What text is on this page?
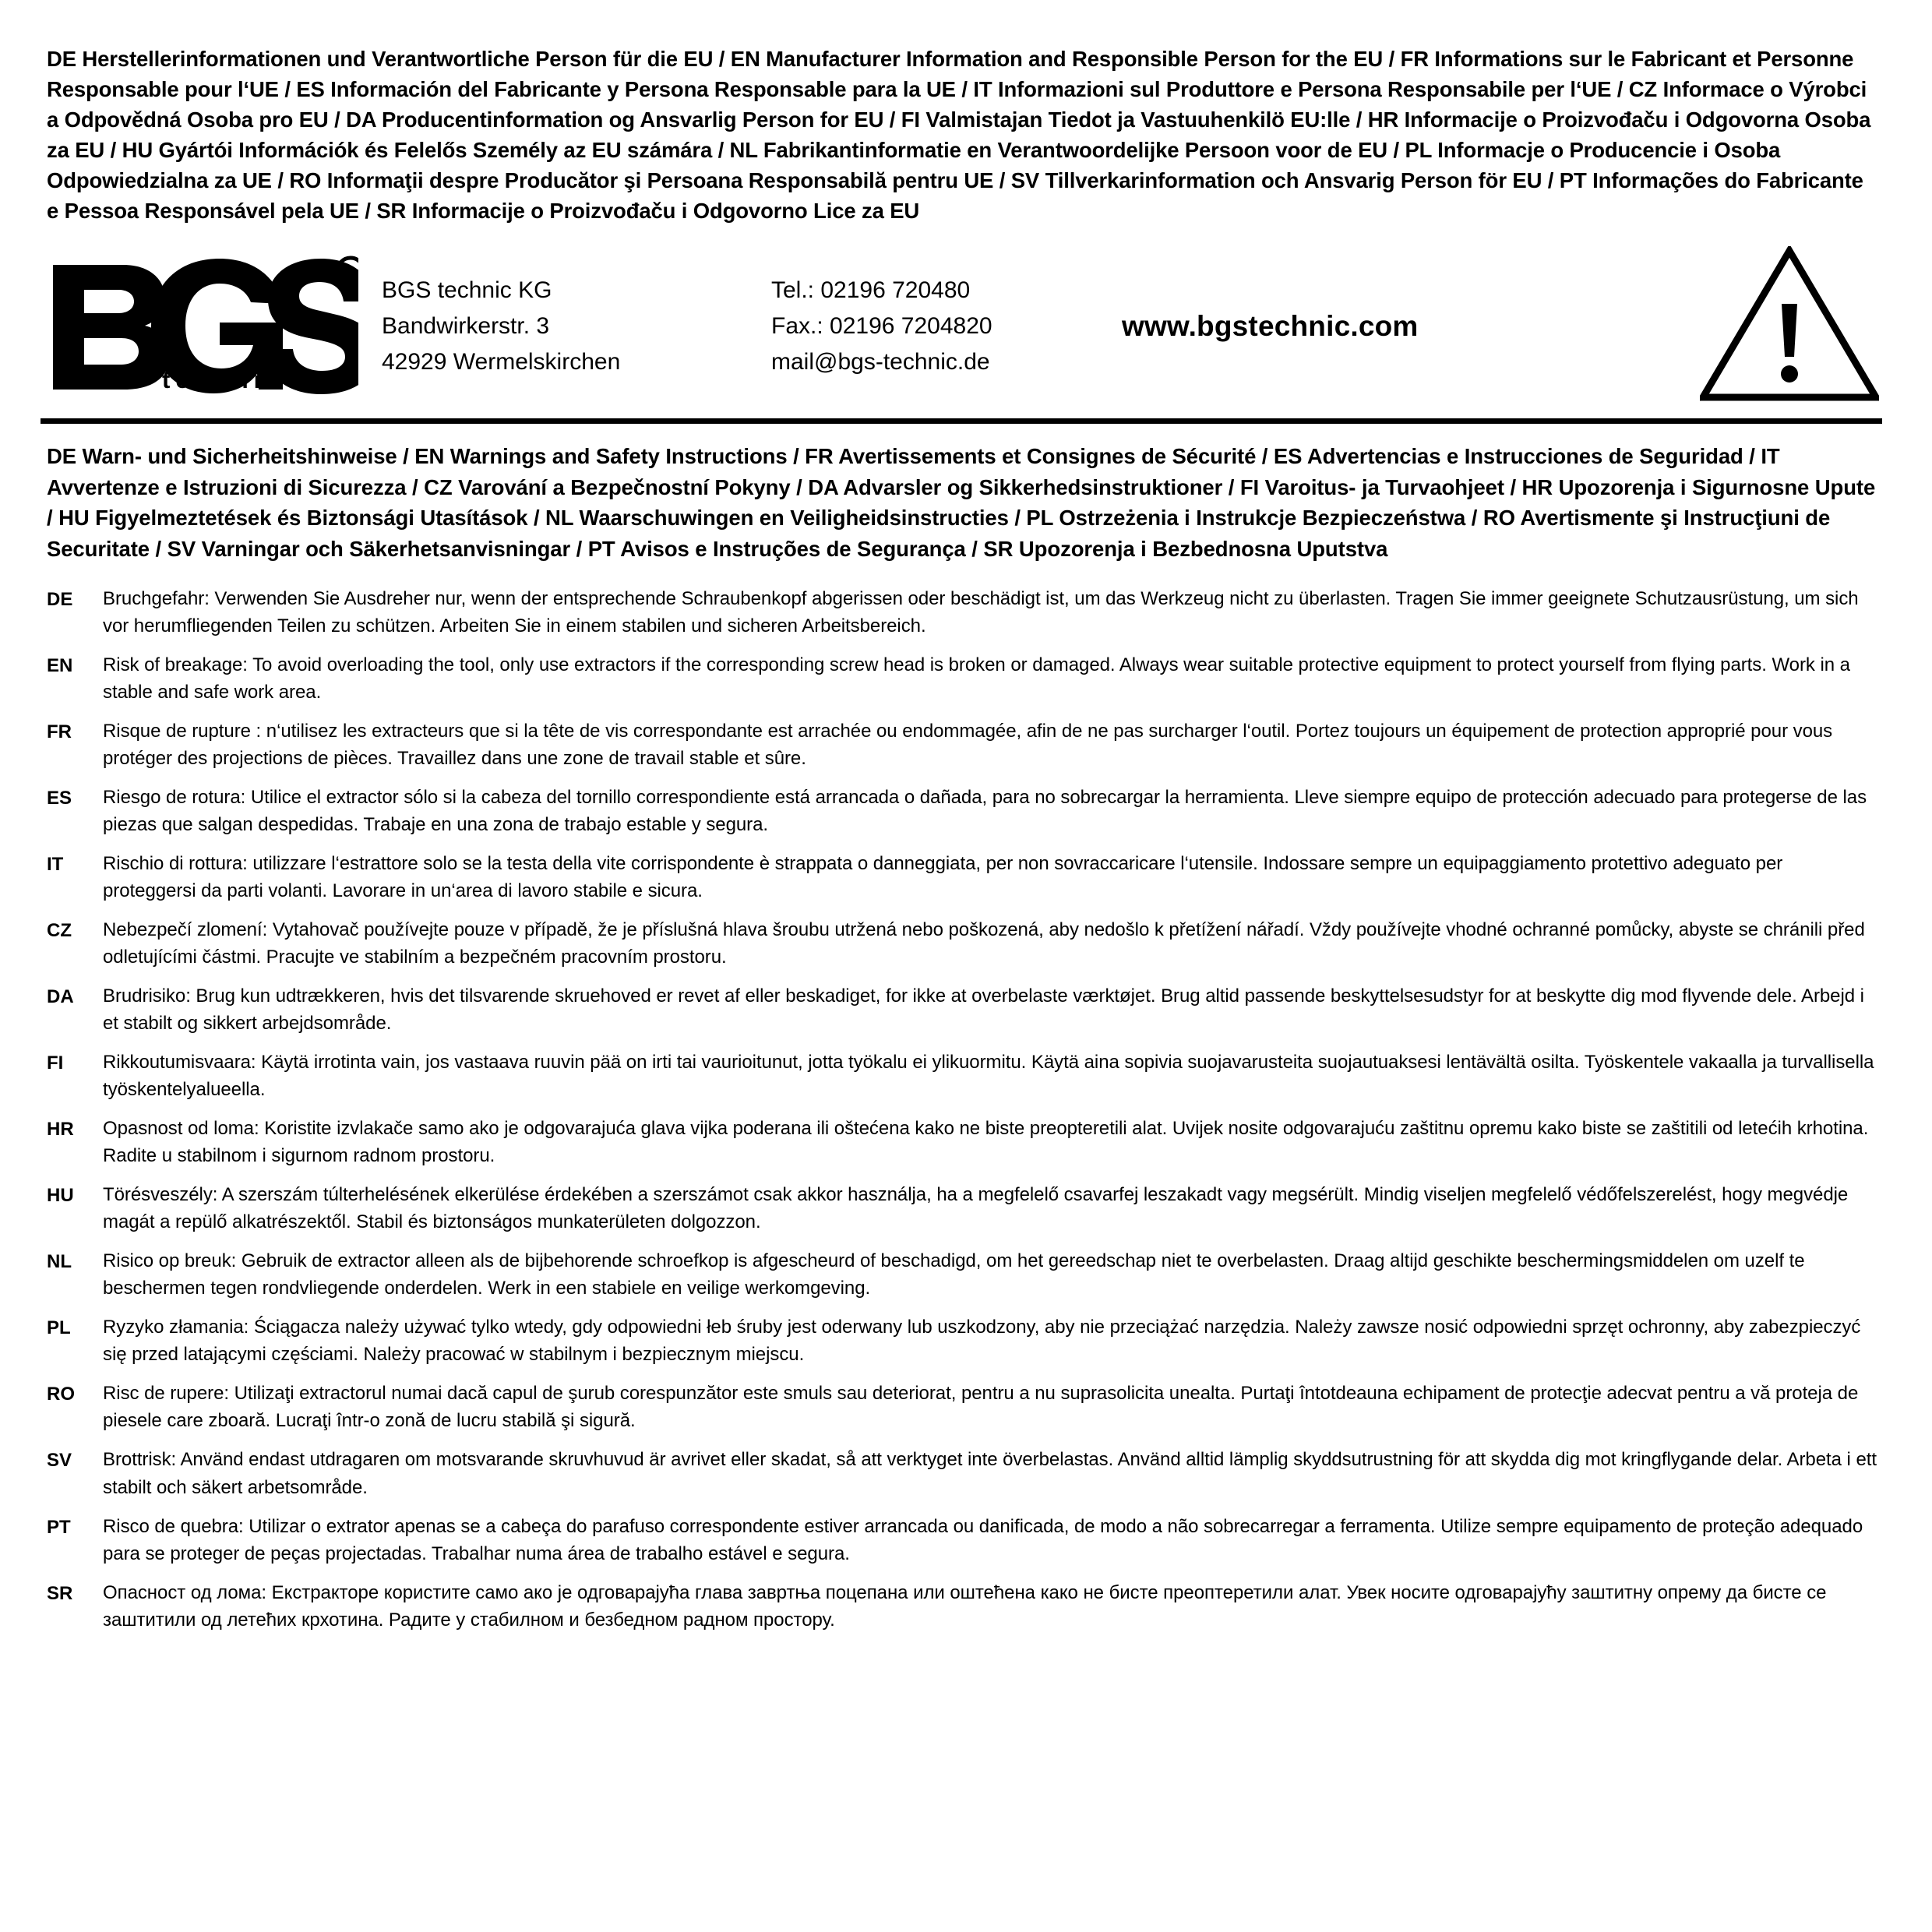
DE Herstellerinformationen und Verantwortliche Person für die EU / EN Manufacturer Information and Responsible Person for the EU / FR Informations sur le Fabricant et Personne Responsable pour l‘UE / ES Información del Fabricante y Persona Responsable para la UE / IT Informazioni sul Produttore e Persona Responsabile per l‘UE / CZ Informace o Výrobci a Odpovědná Osoba pro EU / DA Producentinformation og Ansvarlig Person for EU / FI Valmistajan Tiedot ja Vastuuhenkilö EU:lle / HR Informacije o Proizvođaču i Odgovorna Osoba za EU / HU Gyártói Információk és Felelős Személy az EU számára / NL Fabrikantinformatie en Verantwoordelijke Persoon voor de EU / PL Informacje o Producencie i Osoba Odpowiedzialna za UE / RO Informaţii despre Producător şi Persoana Responsabilă pentru UE / SV Tillverkarinformation och Ansvarig Person för EU / PT Informações do Fabricante e Pessoa Responsável pela UE / SR Informacije o Proizvođaču i Odgovorno Lice za EU
R
technic
BGS technic KG
Bandwirkerstr. 3
42929 Wermelskirchen
Tel.: 02196 720480
Fax.: 02196 7204820
mail@bgs-technic.de
www.bgstechnic.com
DE Warn- und Sicherheitshinweise / EN Warnings and Safety Instructions / FR Avertissements et Consignes de Sécurité / ES Advertencias e Instrucciones de Seguridad / IT Avvertenze e Istruzioni di Sicurezza / CZ Varování a Bezpečnostní Pokyny / DA Advarsler og Sikkerhedsinstruktioner / FI Varoitus- ja Turvaohjeet / HR Upozorenja i Sigurnosne Upute / HU Figyelmeztetések és Biztonsági Utasítások / NL Waarschuwingen en Veiligheidsinstructies / PL Ostrzeżenia i Instrukcje Bezpieczeństwa / RO Avertismente şi Instrucţiuni de Securitate / SV Varningar och Säkerhetsanvisningar / PT Avisos e Instruções de Segurança / SR Upozorenja i Bezbednosna Uputstva
DE	Bruchgefahr: Verwenden Sie Ausdreher nur, wenn der entsprechende Schraubenkopf abgerissen oder beschädigt ist, um das Werkzeug nicht zu überlasten. Tragen Sie immer geeignete Schutzausrüstung, um sich vor herumfliegenden Teilen zu schützen. Arbeiten Sie in einem stabilen und sicheren Arbeitsbereich.
EN	Risk of breakage: To avoid overloading the tool, only use extractors if the corresponding screw head is broken or damaged. Always wear suitable protective equipment to protect yourself from flying parts. Work in a stable and safe work area.
FR	Risque de rupture : n‘utilisez les extracteurs que si la tête de vis correspondante est arrachée ou endommagée, afin de ne pas surcharger l‘outil. Portez toujours un équipement de protection approprié pour vous protéger des projections de pièces. Travaillez dans une zone de travail stable et sûre.
ES	Riesgo de rotura: Utilice el extractor sólo si la cabeza del tornillo correspondiente está arrancada o dañada, para no sobrecargar la herramienta. Lleve siempre equipo de protección adecuado para protegerse de las piezas que salgan despedidas. Trabaje en una zona de trabajo estable y segura.
IT	Rischio di rottura: utilizzare l‘estrattore solo se la testa della vite corrispondente è strappata o danneggiata, per non sovraccaricare l‘utensile. Indossare sempre un equipaggiamento protettivo adeguato per proteggersi da parti volanti. Lavorare in un‘area di lavoro stabile e sicura.
CZ	Nebezpečí zlomení: Vytahovač používejte pouze v případě, že je příslušná hlava šroubu utržená nebo poškozená, aby nedošlo k přetížení nářadí. Vždy používejte vhodné ochranné pomůcky, abyste se chránili před odletujícími částmi. Pracujte ve stabilním a bezpečném pracovním prostoru.
DA	Brudrisiko: Brug kun udtrækkeren, hvis det tilsvarende skruehoved er revet af eller beskadiget, for ikke at overbelaste værktøjet. Brug altid passende beskyttelsesudstyr for at beskytte dig mod flyvende dele. Arbejd i et stabilt og sikkert arbejdsområde.
FI	Rikkoutumisvaara: Käytä irrotinta vain, jos vastaava ruuvin pää on irti tai vaurioitunut, jotta työkalu ei ylikuormitu. Käytä aina sopivia suojavarusteita suojautuaksesi lentävältä osilta. Työskentele vakaalla ja turvallisella työskentelyalueella.
HR	Opasnost od loma: Koristite izvlakače samo ako je odgovarajuća glava vijka poderana ili oštećena kako ne biste preopteretili alat. Uvijek nosite odgovarajuću zaštitnu opremu kako biste se zaštitili od letećih krhotina. Radite u stabilnom i sigurnom radnom prostoru.
HU	Törésveszély: A szerszám túlterhelésének elkerülése érdekében a szerszámot csak akkor használja, ha a megfelelő csavarfej leszakadt vagy megsérült. Mindig viseljen megfelelő védőfelszerelést, hogy megvédje magát a repülő alkatrészektől. Stabil és biztonságos munkaterületen dolgozzon.
NL	Risico op breuk: Gebruik de extractor alleen als de bijbehorende schroefkop is afgescheurd of beschadigd, om het gereedschap niet te overbelasten. Draag altijd geschikte beschermingsmiddelen om uzelf te beschermen tegen rondvliegende onderdelen. Werk in een stabiele en veilige werkomgeving.
PL	Ryzyko złamania: Ściągacza należy używać tylko wtedy, gdy odpowiedni łeb śruby jest oderwany lub uszkodzony, aby nie przeciążać narzędzia. Należy zawsze nosić odpowiedni sprzęt ochronny, aby zabezpieczyć się przed latającymi częściami. Należy pracować w stabilnym i bezpiecznym miejscu.
RO	Risc de rupere: Utilizaţi extractorul numai dacă capul de şurub corespunzător este smuls sau deteriorat, pentru a nu suprasolicita unealta. Purtaţi întotdeauna echipament de protecţie adecvat pentru a vă proteja de piesele care zboară. Lucraţi într-o zonă de lucru stabilă şi sigură.
SV	Brottrisk: Använd endast utdragaren om motsvarande skruvhuvud är avrivet eller skadat, så att verktyget inte överbelastas. Använd alltid lämplig skyddsutrustning för att skydda dig mot kringflygande delar. Arbeta i ett stabilt och säkert arbetsområde.
PT	Risco de quebra: Utilizar o extrator apenas se a cabeça do parafuso correspondente estiver arrancada ou danificada, de modo a não sobrecarregar a ferramenta. Utilize sempre equipamento de proteção adequado para se proteger de peças projectadas. Trabalhar numa área de trabalho estável e segura.
SR	Опасност од лома: Екстракторе користите само ако је одговарајућа глава завртња поцепана или оштећена како не бисте преоптеретили алат. Увек носите одговарајућу заштитну опрему да бисте се заштитили од летећих крхотина. Радите у стабилном и безбедном радном простору.
